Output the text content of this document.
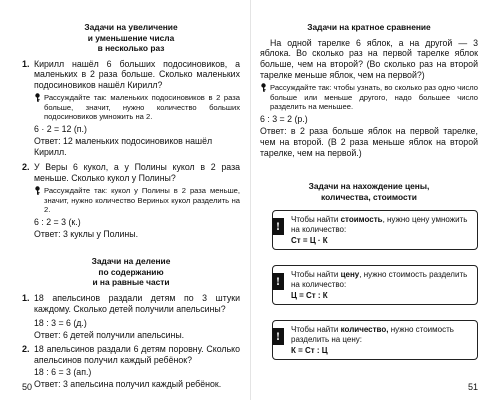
Задачи на увеличение
и уменьшение числа
в несколько раз
1. Кирилл нашёл 6 больших подосиновиков, а маленьких в 2 раза больше. Сколько маленьких подосиновиков нашёл Кирилл?
Рассуждайте так: маленьких подосиновиков в 2 раза больше, значит, нужно количество больших подосиновиков умножить на 2.
6 · 2 = 12 (п.)
Ответ: 12 маленьких подосиновиков нашёл Кирилл.
2. У Веры 6 кукол, а у Полины кукол в 2 раза меньше. Сколько кукол у Полины?
Рассуждайте так: кукол у Полины в 2 раза меньше, значит, нужно количество Вериных кукол разделить на 2.
6 : 2 = 3 (к.)
Ответ: 3 куклы у Полины.
Задачи на деление
по содержанию
и на равные части
1. 18 апельсинов раздали детям по 3 штуки каждому. Сколько детей получили апельсины?
18 : 3 = 6 (д.)
Ответ: 6 детей получили апельсины.
2. 18 апельсинов раздали 6 детям поровну. Сколько апельсинов получил каждый ребёнок?
18 : 6 = 3 (ап.)
Ответ: 3 апельсина получил каждый ребёнок.
50
Задачи на кратное сравнение
На одной тарелке 6 яблок, а на другой — 3 яблока. Во сколько раз на первой тарелке яблок больше, чем на второй? (Во сколько раз на второй тарелке меньше яблок, чем на первой?)
Рассуждайте так: чтобы узнать, во сколько раз одно число больше или меньше другого, надо большее число разделить на меньшее.
6 : 3 = 2 (р.)
Ответ: в 2 раза больше яблок на первой тарелке, чем на второй. (В 2 раза меньше яблок на второй тарелке, чем на первой.)
Задачи на нахождение цены,
количества, стоимости
!	Чтобы найти стоимость, нужно цену умножить на количество:
Ст = Ц · К
!	Чтобы найти цену, нужно стоимость разделить на количество:
Ц = Ст : К
!	Чтобы найти количество, нужно стоимость разделить на цену:
К = Ст : Ц
51
